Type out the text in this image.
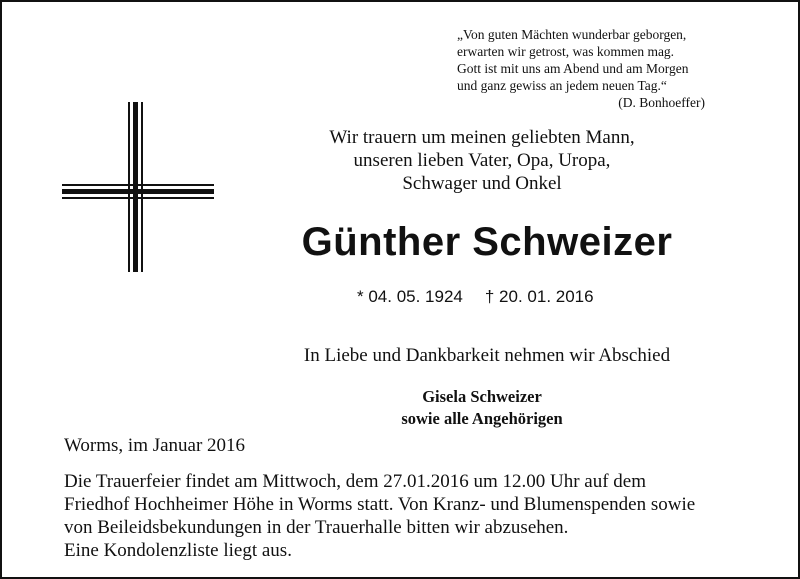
„Von guten Mächten wunderbar geborgen,
erwarten wir getrost, was kommen mag.
Gott ist mit uns am Abend und am Morgen
und ganz gewiss an jedem neuen Tag.“
(D. Bonhoeffer)
Wir trauern um meinen geliebten Mann,
unseren lieben Vater, Opa, Uropa,
Schwager und Onkel
Günther Schweizer
* 04. 05. 1924 † 20. 01. 2016
In Liebe und Dankbarkeit nehmen wir Abschied
Gisela Schweizer
sowie alle Angehörigen
Worms, im Januar 2016
Die Trauerfeier findet am Mittwoch, dem 27.01.2016 um 12.00 Uhr auf dem
Friedhof Hochheimer Höhe in Worms statt. Von Kranz- und Blumenspenden sowie
von Beileidsbekundungen in der Trauerhalle bitten wir abzusehen.
Eine Kondolenzliste liegt aus.
